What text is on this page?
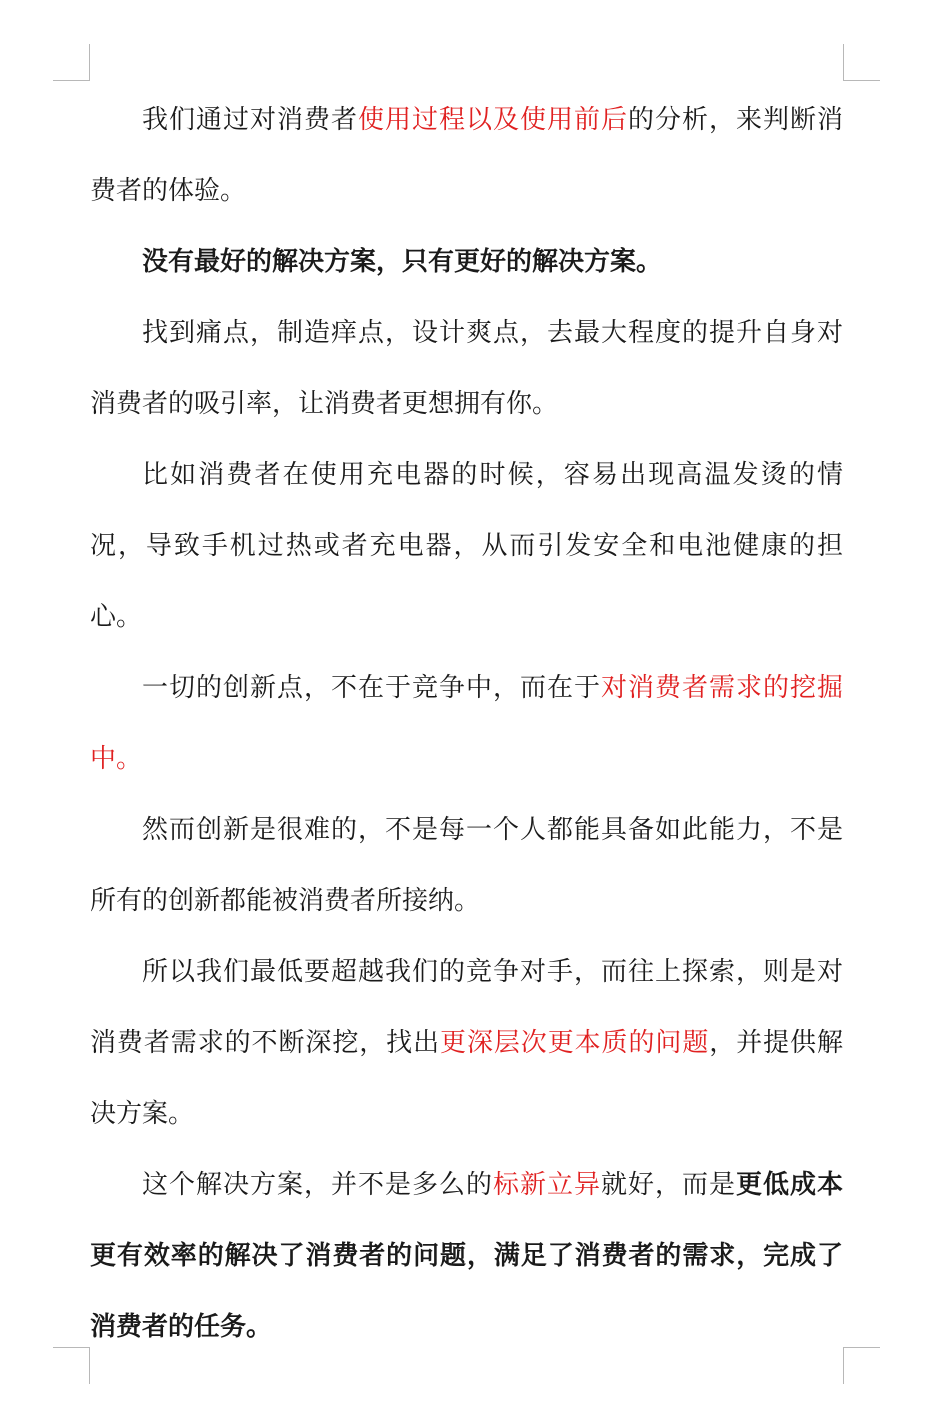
我们通过对消费者使用过程以及使用前后的分析，来判断消费者的体验。

没有最好的解决方案，只有更好的解决方案。

找到痛点，制造痒点，设计爽点，去最大程度的提升自身对消费者的吸引率，让消费者更想拥有你。

比如消费者在使用充电器的时候，容易出现高温发烫的情况，导致手机过热或者充电器，从而引发安全和电池健康的担心。

一切的创新点，不在于竞争中，而在于对消费者需求的挖掘中。

然而创新是很难的，不是每一个人都能具备如此能力，不是所有的创新都能被消费者所接纳。

所以我们最低要超越我们的竞争对手，而往上探索，则是对消费者需求的不断深挖，找出更深层次更本质的问题，并提供解决方案。

这个解决方案，并不是多么的标新立异就好，而是更低成本更有效率的解决了消费者的问题，满足了消费者的需求，完成了消费者的任务。
